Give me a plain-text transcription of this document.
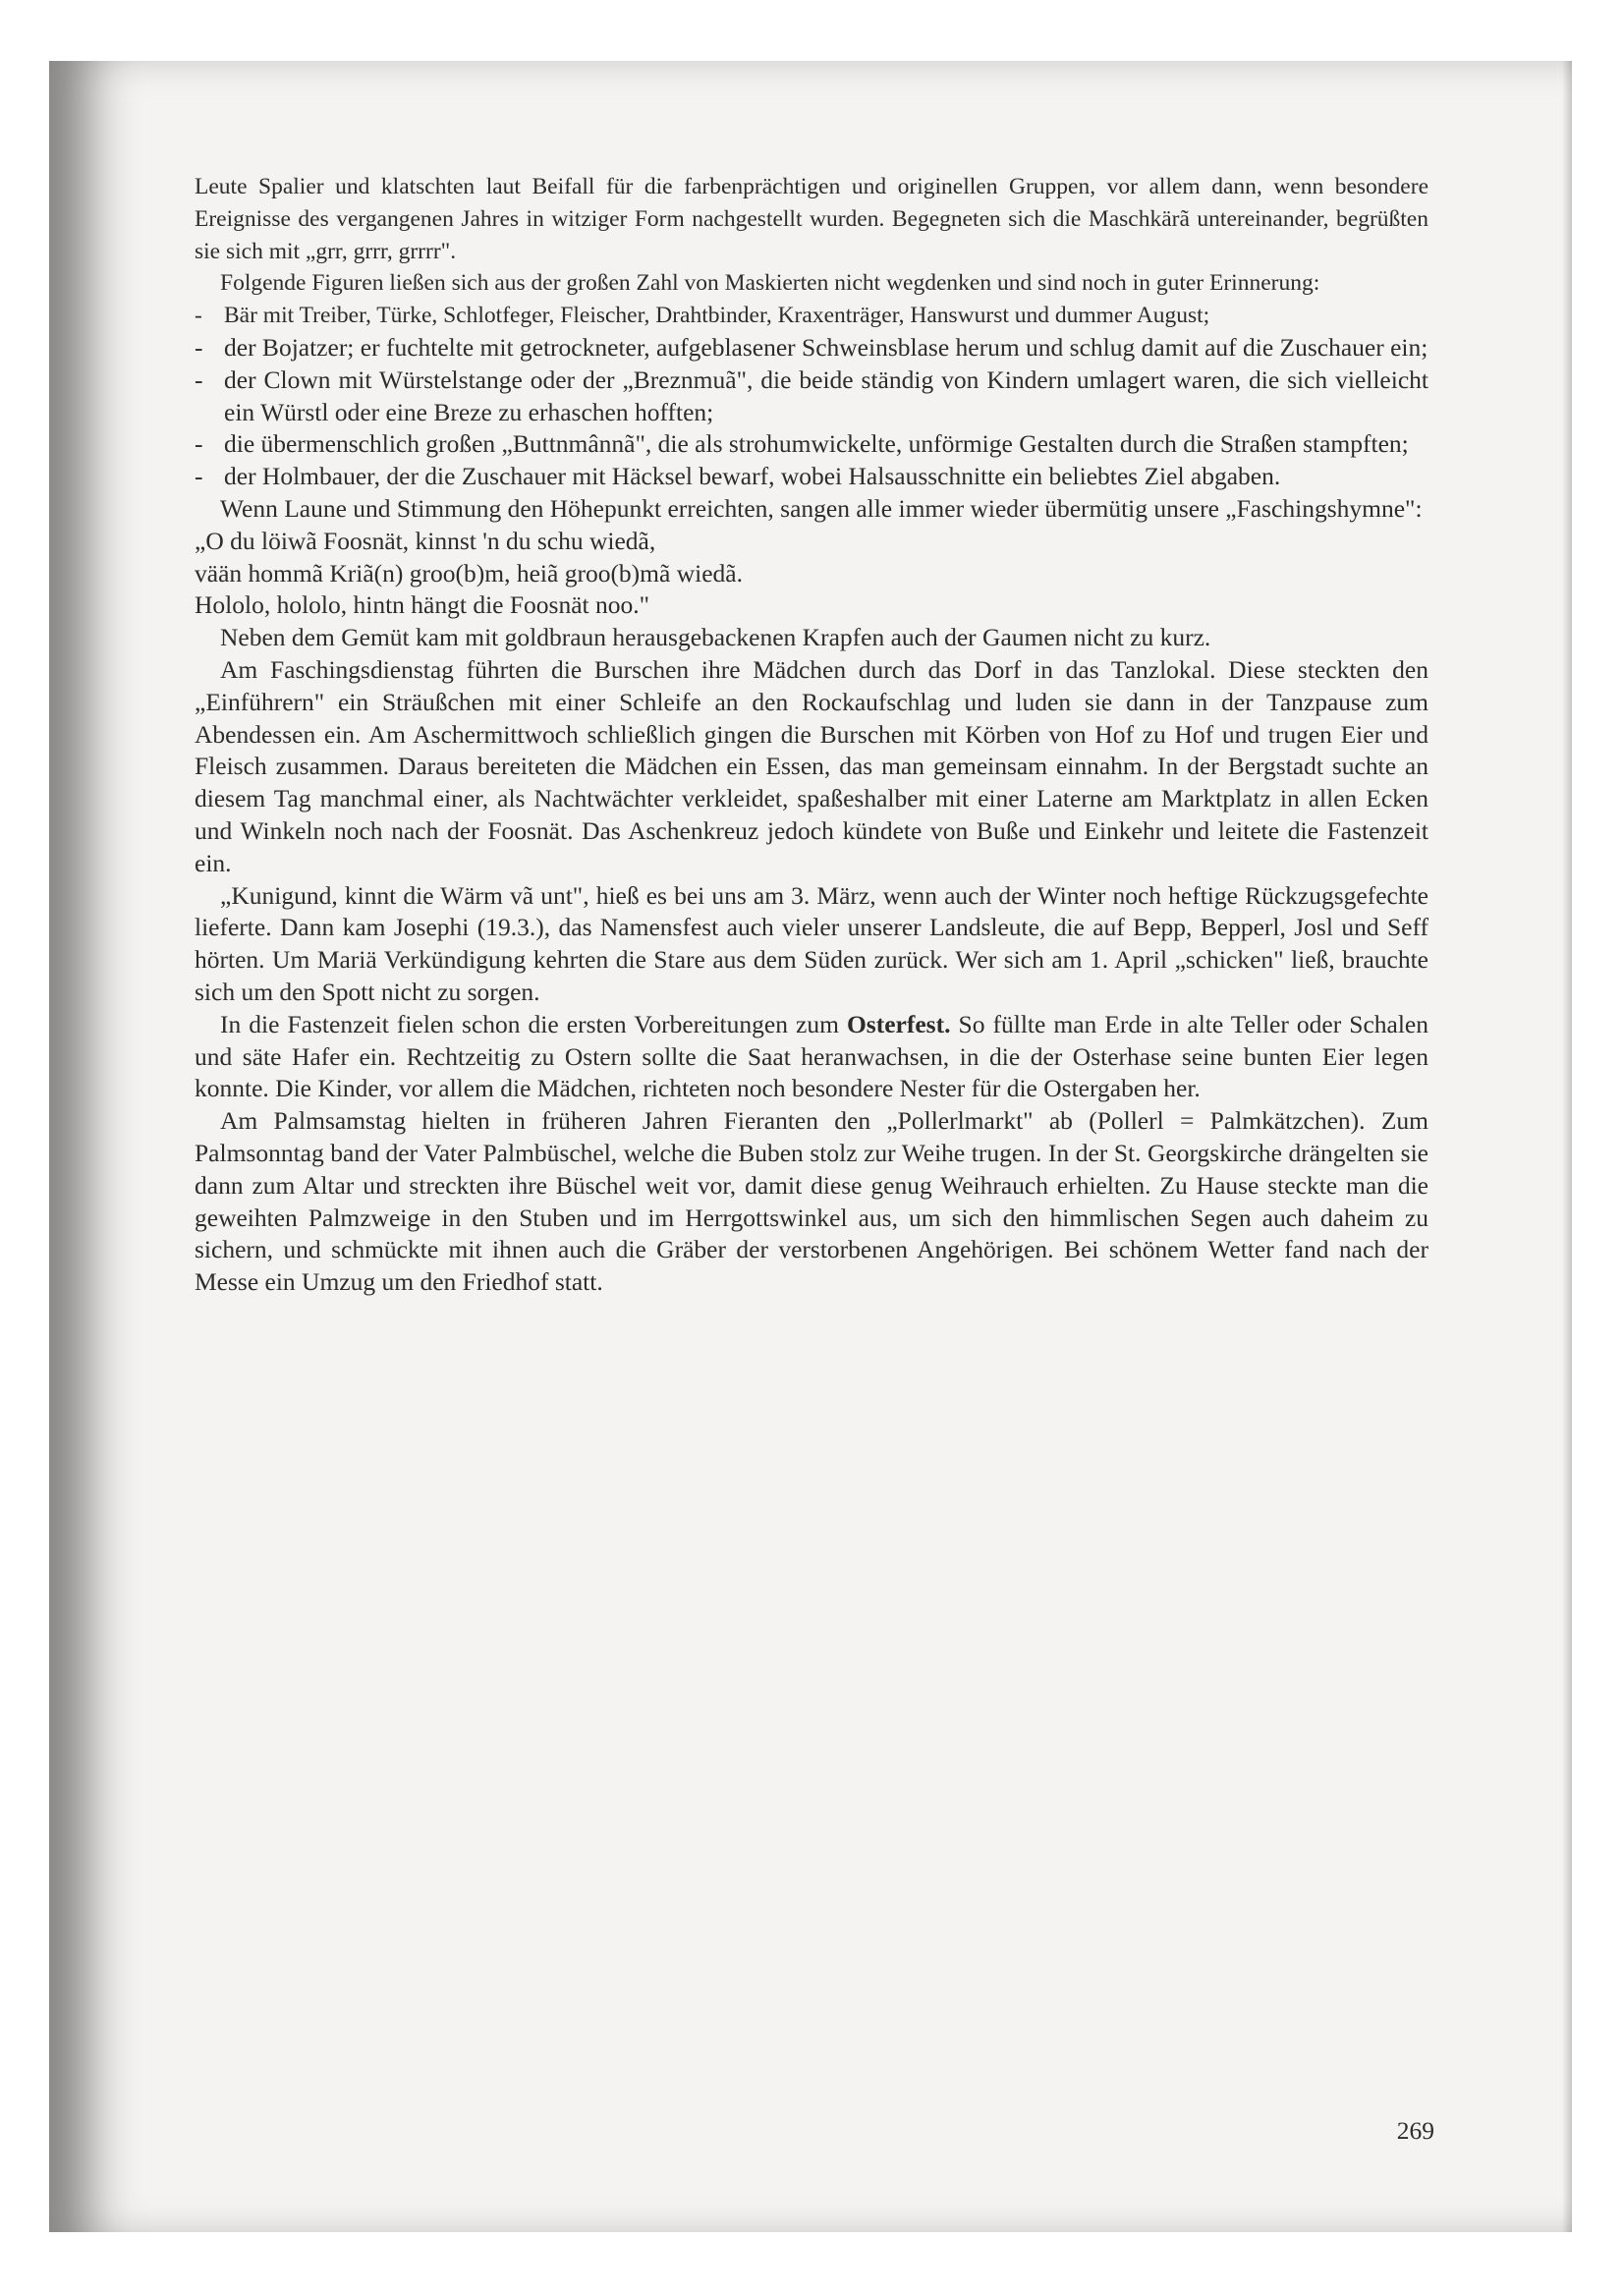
Leute Spalier und klatschten laut Beifall für die farbenprächtigen und originellen Gruppen, vor allem dann, wenn besondere Ereignisse des vergangenen Jahres in witziger Form nachgestellt wurden. Begegneten sich die Maschkärã untereinander, begrüßten sie sich mit „grr, grrr, grrrr".

Folgende Figuren ließen sich aus der großen Zahl von Maskierten nicht wegdenken und sind noch in guter Erinnerung:

- Bär mit Treiber, Türke, Schlotfeger, Fleischer, Drahtbinder, Kraxenträger, Hanswurst und dummer August;
- der Bojatzer; er fuchtelte mit getrockneter, aufgeblasener Schweinsblase herum und schlug damit auf die Zuschauer ein;
- der Clown mit Würstelstange oder der „Breznmuã", die beide ständig von Kindern umlagert waren, die sich vielleicht ein Würstl oder eine Breze zu erhaschen hofften;
- die übermenschlich großen „Buttnmânnã", die als strohumwickelte, unförmige Gestalten durch die Straßen stampften;
- der Holmbauer, der die Zuschauer mit Häcksel bewarf, wobei Halsausschnitte ein beliebtes Ziel abgaben.

Wenn Laune und Stimmung den Höhepunkt erreichten, sangen alle immer wieder übermütig unsere „Faschingshymne":

„O du löiwã Foosnät, kinnst 'n du schu wiedã,
vään hommã Kriã(n) groo(b)m, heiã groo(b)mã wiedã.
Hololo, hololo, hintn hängt die Foosnät noo."

Neben dem Gemüt kam mit goldbraun herausgebackenen Krapfen auch der Gaumen nicht zu kurz.

Am Faschingsdienstag führten die Burschen ihre Mädchen durch das Dorf in das Tanzlokal. Diese steckten den „Einführern" ein Sträußchen mit einer Schleife an den Rockaufschlag und luden sie dann in der Tanzpause zum Abendessen ein. Am Aschermittwoch schließlich gingen die Burschen mit Körben von Hof zu Hof und trugen Eier und Fleisch zusammen. Daraus bereiteten die Mädchen ein Essen, das man gemeinsam einnahm. In der Bergstadt suchte an diesem Tag manchmal einer, als Nachtwächter verkleidet, spaßeshalber mit einer Laterne am Marktplatz in allen Ecken und Winkeln noch nach der Foosnät. Das Aschenkreuz jedoch kündete von Buße und Einkehr und leitete die Fastenzeit ein.

„Kunigund, kinnt die Wärm vã unt", hieß es bei uns am 3. März, wenn auch der Winter noch heftige Rückzugsgefechte lieferte. Dann kam Josephi (19.3.), das Namensfest auch vieler unserer Landsleute, die auf Bepp, Bepperl, Josl und Seff hörten. Um Mariä Verkündigung kehrten die Stare aus dem Süden zurück. Wer sich am 1. April „schicken" ließ, brauchte sich um den Spott nicht zu sorgen.

In die Fastenzeit fielen schon die ersten Vorbereitungen zum Osterfest. So füllte man Erde in alte Teller oder Schalen und säte Hafer ein. Rechtzeitig zu Ostern sollte die Saat heranwachsen, in die der Osterhase seine bunten Eier legen konnte. Die Kinder, vor allem die Mädchen, richteten noch besondere Nester für die Ostergaben her.

Am Palmsamstag hielten in früheren Jahren Fieranten den „Pollerlmarkt" ab (Pollerl = Palmkätzchen). Zum Palmsonntag band der Vater Palmbüschel, welche die Buben stolz zur Weihe trugen. In der St. Georgskirche drängelten sie dann zum Altar und streckten ihre Büschel weit vor, damit diese genug Weihrauch erhielten. Zu Hause steckte man die geweihten Palmzweige in den Stuben und im Herrgottswinkel aus, um sich den himmlischen Segen auch daheim zu sichern, und schmückte mit ihnen auch die Gräber der verstorbenen Angehörigen. Bei schönem Wetter fand nach der Messe ein Umzug um den Friedhof statt.

269
